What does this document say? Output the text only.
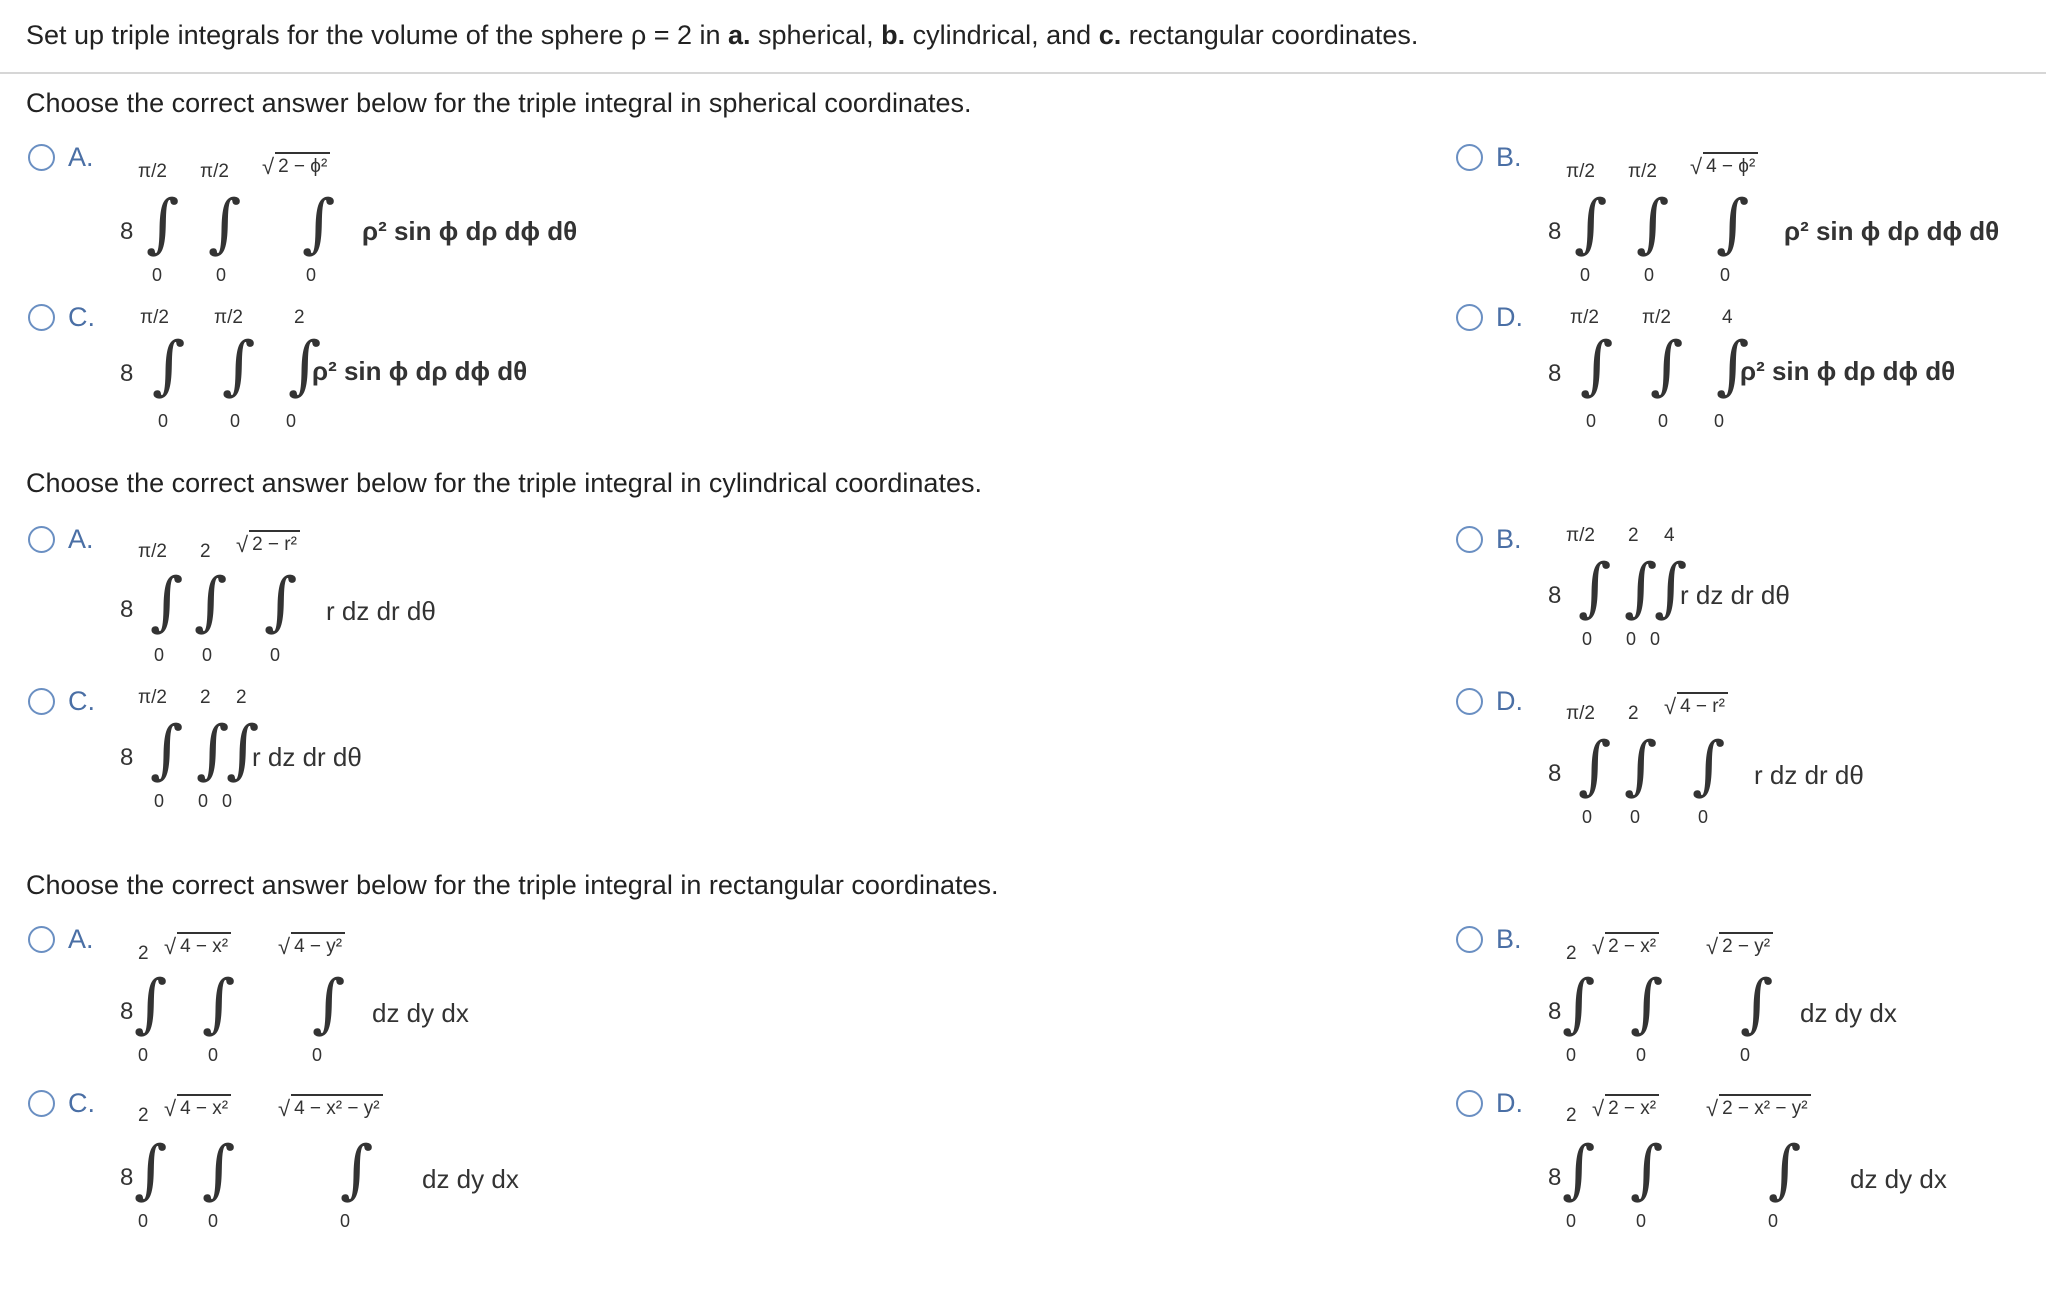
Set up triple integrals for the volume of the sphere ρ = 2 in a. spherical, b. cylindrical, and c. rectangular coordinates.
Choose the correct answer below for the triple integral in spherical coordinates.
A. π/2 π/2 √ 2 − ϕ²
8 ∫ ∫ ∫ ρ² sin ϕ dρ dϕ dθ
0	0	0
B. π/2 π/2 √ 4 − ϕ²
8 ∫ ∫ ∫ ρ² sin ϕ dρ dϕ dθ
0	0	0
C. π/2 π/2	2
8 ∫ ∫ ∫
ρ² sin ϕ dρ dϕ dθ
0	0	0
D. π/2 π/2	4
8 ∫ ∫ ∫
ρ² sin ϕ dρ dϕ dθ
0	0	0
Choose the correct answer below for the triple integral in cylindrical coordinates.
A. π/2 2 √ 2 − r²
8 ∫ ∫ ∫ r dz dr dθ
0 0	0
B. π/2 2 4
8 ∫ ∫
∫
r dz dr dθ
0 0 0
C. π/2 2 2
8 ∫ ∫
∫
r dz dr dθ
0 0 0
D. π/2 2 √ 4 − r²
8 ∫ ∫ ∫ r dz dr dθ
0 0	0
Choose the correct answer below for the triple integral in rectangular coordinates.
A. 2 √ 4 − x² √ 4 − y²
8 ∫ ∫ ∫ dz dy dx
0	0	0
B. 2 √ 2 − x² √ 2 − y²
8 ∫ ∫ ∫ dz dy dx
0	0	0
C. 2 √ 4 − x² √ 4 − x² − y²
8 ∫ ∫ ∫ dz dy dx
0	0	0
D. 2 √ 2 − x² √ 2 − x² − y²
8 ∫ ∫ ∫ dz dy dx
0	0	0
